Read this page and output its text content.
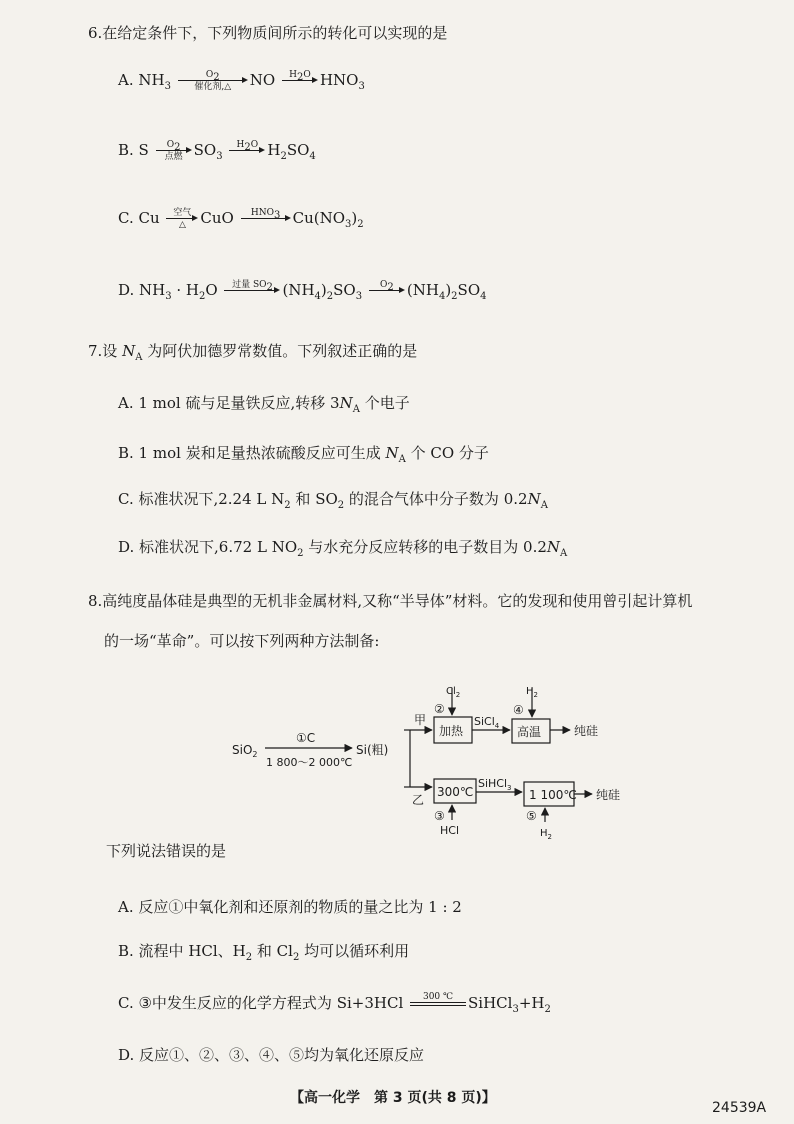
6.在给定条件下，下列物质间所示的转化可以实现的是
A. $NH_3$
$O_2$
催化剂,△ NO	$H_2O$ $HNO_3$
B. S	$O_2$
点燃 $SO_3$
$H_2O$ $H_2SO_4$
C. Cu	空气
△ CuO	$HNO_3$ $Cu(NO_3)_2$
D. $NH_3 \cdot H_2O$	过量 $SO_2$ $(NH_4)_2SO_3$
$O_2$ $(NH_4)_2SO_4$
7.设 $N_A$ 为阿伏加德罗常数值。下列叙述正确的是
A. 1 mol 硫与足量铁反应,转移 $3N_A$ 个电子
B. 1 mol 炭和足量热浓硫酸反应可生成 $N_A$ 个 CO 分子
C. 标准状况下,2.24 L $N_2$ 和 $SO_2$ 的混合气体中分子数为 $0.2N_A$
D. 标准状况下,6.72 L $NO_2$ 与水充分反应转移的电子数目为 $0.2N_A$
8.高纯度晶体硅是典型的无机非金属材料,又称“半导体”材料。它的发现和使用曾引起计算机
的一场“革命”。可以按下列两种方法制备:
SiO$_2$
①C
1 800～2 000℃
Si(粗)
甲
乙
$Cl_2$
②
加热
SiCl$_4$
$H_2$
④
高温	纯硅
300℃
SiHCl$_3$ 1 100℃ 纯硅
③
HCl
⑤
$H_2$
下列说法错误的是
A. 反应①中氧化剂和还原剂的物质的量之比为 1 : 2
B. 流程中 HCl、$H_2$ 和 $Cl_2$ 均可以循环利用
C. ③中发生反应的化学方程式为 Si+3HCl	300 ℃ $SiHCl_3+H_2$
D. 反应①、②、③、④、⑤均为氧化还原反应
【高一化学　第 3 页(共 8 页)】
24539A
